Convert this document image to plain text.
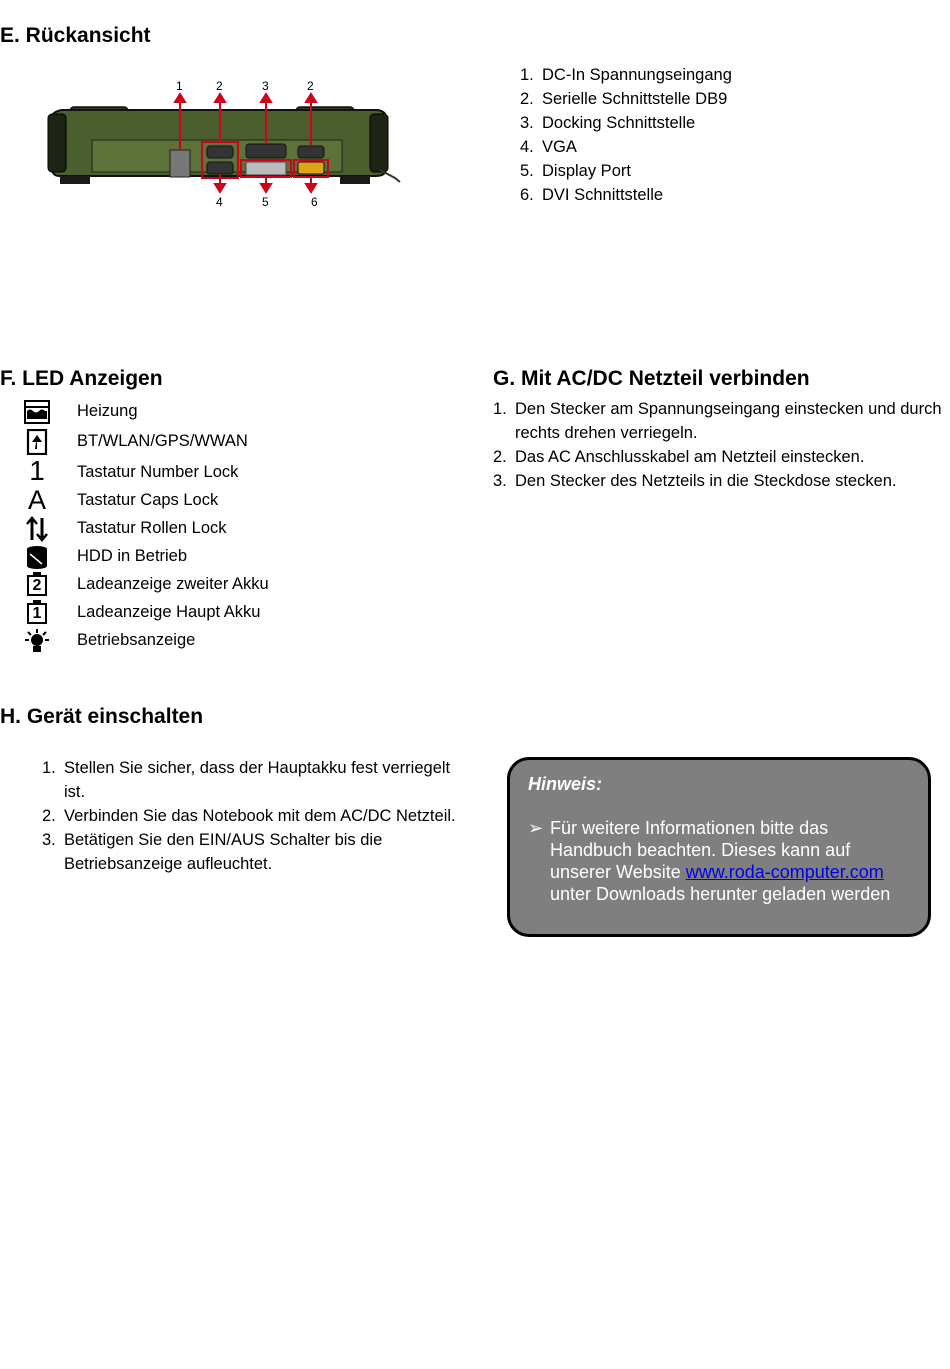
E. Rückansicht
1	2	3	2
4	5	6
1. DC-In Spannungseingang
2. Serielle Schnittstelle DB9
3. Docking Schnittstelle
4. VGA
5. Display Port
6. DVI Schnittstelle
F. LED Anzeigen
Heizung
BT/WLAN/GPS/WWAN
1	Tastatur Number Lock
A Tastatur Caps Lock
Tastatur Rollen Lock
HDD in Betrieb
2	Ladeanzeige zweiter Akku
1	Ladeanzeige Haupt Akku
Betriebsanzeige
G. Mit AC/DC Netzteil verbinden
1. Den Stecker am Spannungseingang einstecken und durch
rechts drehen verriegeln.
2. Das AC Anschlusskabel am Netzteil einstecken.
3. Den Stecker des Netzteils in die Steckdose stecken.
H. Gerät einschalten
1. Stellen Sie sicher, dass der Hauptakku fest verriegelt
ist.
2. Verbinden Sie das Notebook mit dem AC/DC Netzteil.
3. Betätigen Sie den EIN/AUS Schalter bis die
Betriebsanzeige aufleuchtet.
Hinweis:
➢ Für weitere Informationen bitte das
Handbuch beachten. Dieses kann auf
unserer Website www.roda-computer.com
unter Downloads herunter geladen werden
